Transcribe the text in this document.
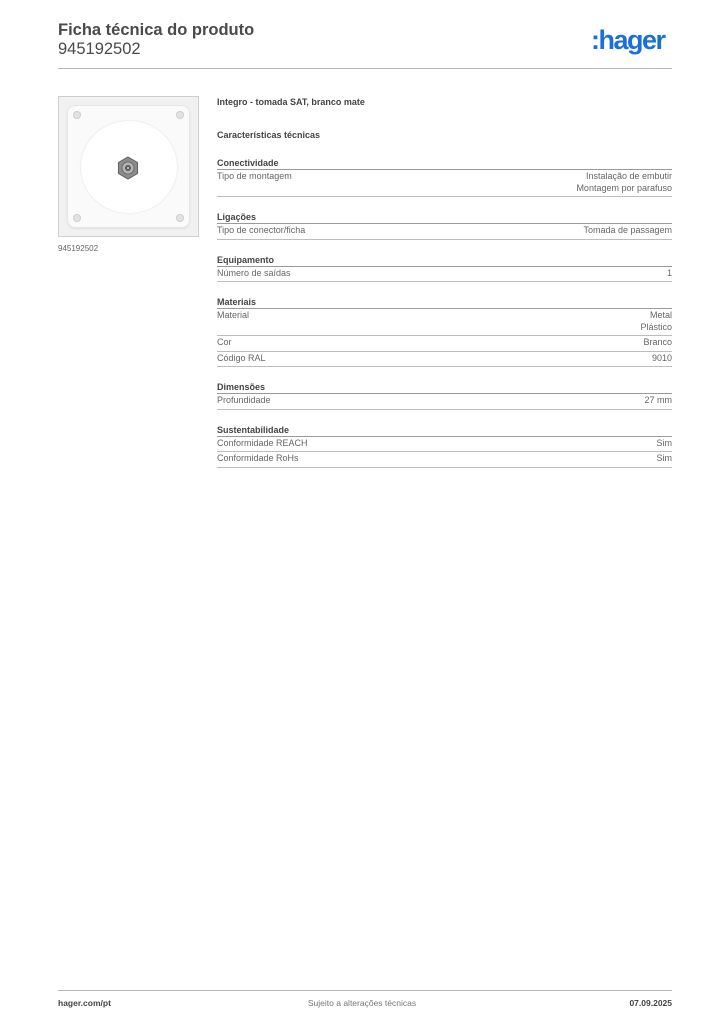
Ficha técnica do produto
945192502	:hager
945192502
Integro - tomada SAT, branco mate
Características técnicas
Conectividade
Tipo de montagem	Instalação de embutir
Montagem por parafuso
Ligações
Tipo de conector/ficha	Tomada de passagem
Equipamento
Número de saídas	1
Materiais
Material	Metal
Plástico
Cor	Branco
Código RAL	9010
Dimensões
Profundidade	27 mm
Sustentabilidade
Conformidade REACH	Sim
Conformidade RoHs	Sim
hager.com/pt	Sujeito a alterações técnicas	07.09.2025
